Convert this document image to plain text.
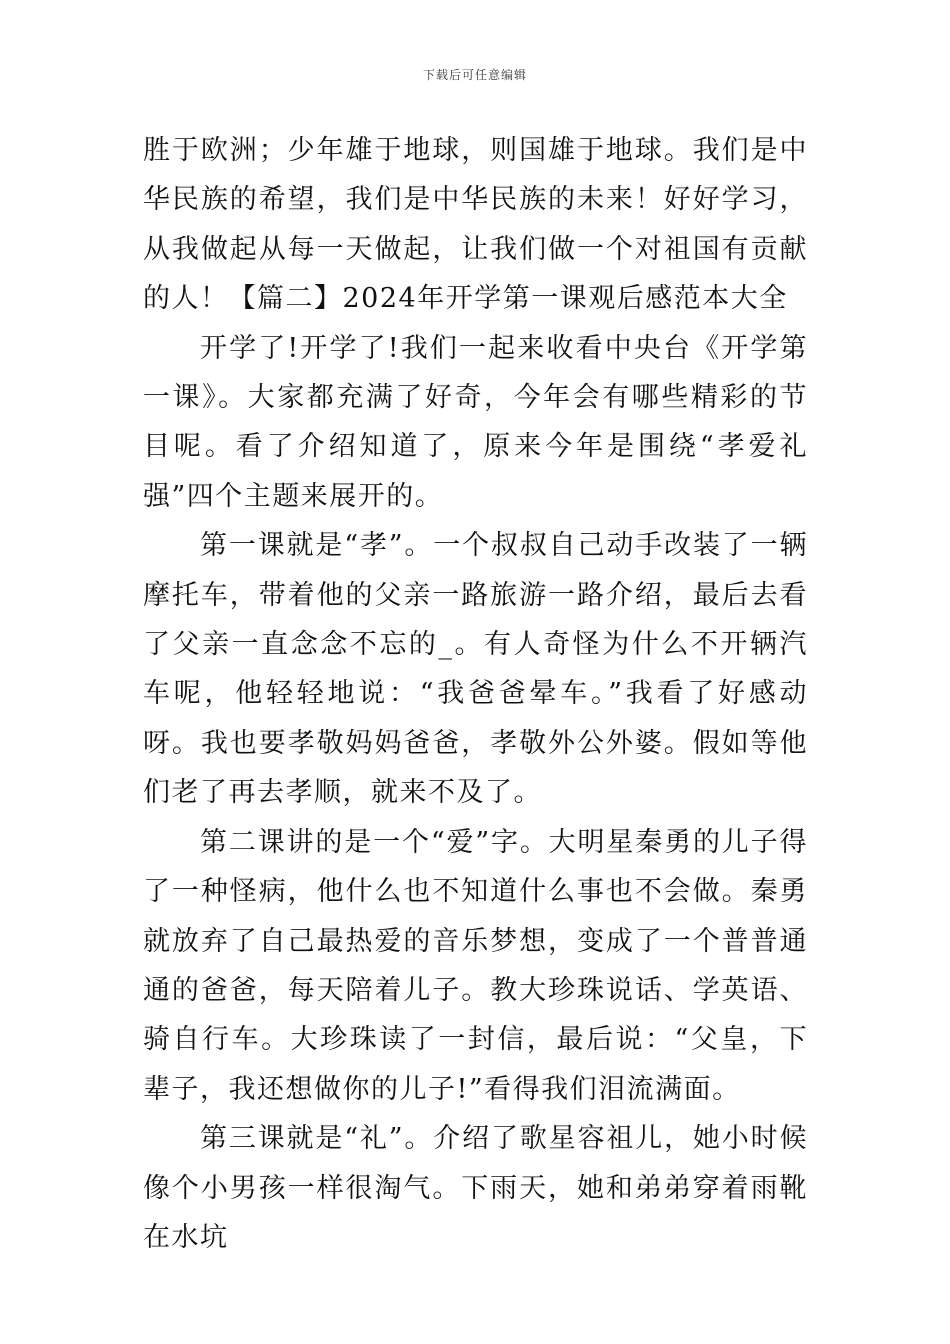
下载后可任意编辑

胜于欧洲；少年雄于地球，则国雄于地球。我们是中华民族的希望，我们是中华民族的未来！好好学习，从我做起从每一天做起，让我们做一个对祖国有贡献的人！【篇二】2024年开学第一课观后感范本大全

开学了!开学了!我们一起来收看中央台《开学第一课》。大家都充满了好奇，今年会有哪些精彩的节目呢。看了介绍知道了，原来今年是围绕“孝爱礼强”四个主题来展开的。

第一课就是“孝”。一个叔叔自己动手改装了一辆摩托车，带着他的父亲一路旅游一路介绍，最后去看了父亲一直念念不忘的_。有人奇怪为什么不开辆汽车呢，他轻轻地说：“我爸爸晕车。”我看了好感动呀。我也要孝敬妈妈爸爸，孝敬外公外婆。假如等他们老了再去孝顺，就来不及了。

第二课讲的是一个“爱”字。大明星秦勇的儿子得了一种怪病，他什么也不知道什么事也不会做。秦勇就放弃了自己最热爱的音乐梦想，变成了一个普普通通的爸爸，每天陪着儿子。教大珍珠说话、学英语、骑自行车。大珍珠读了一封信，最后说：“父皇，下辈子，我还想做你的儿子!”看得我们泪流满面。

第三课就是“礼”。介绍了歌星容祖儿，她小时候像个小男孩一样很淘气。下雨天，她和弟弟穿着雨靴在水坑
